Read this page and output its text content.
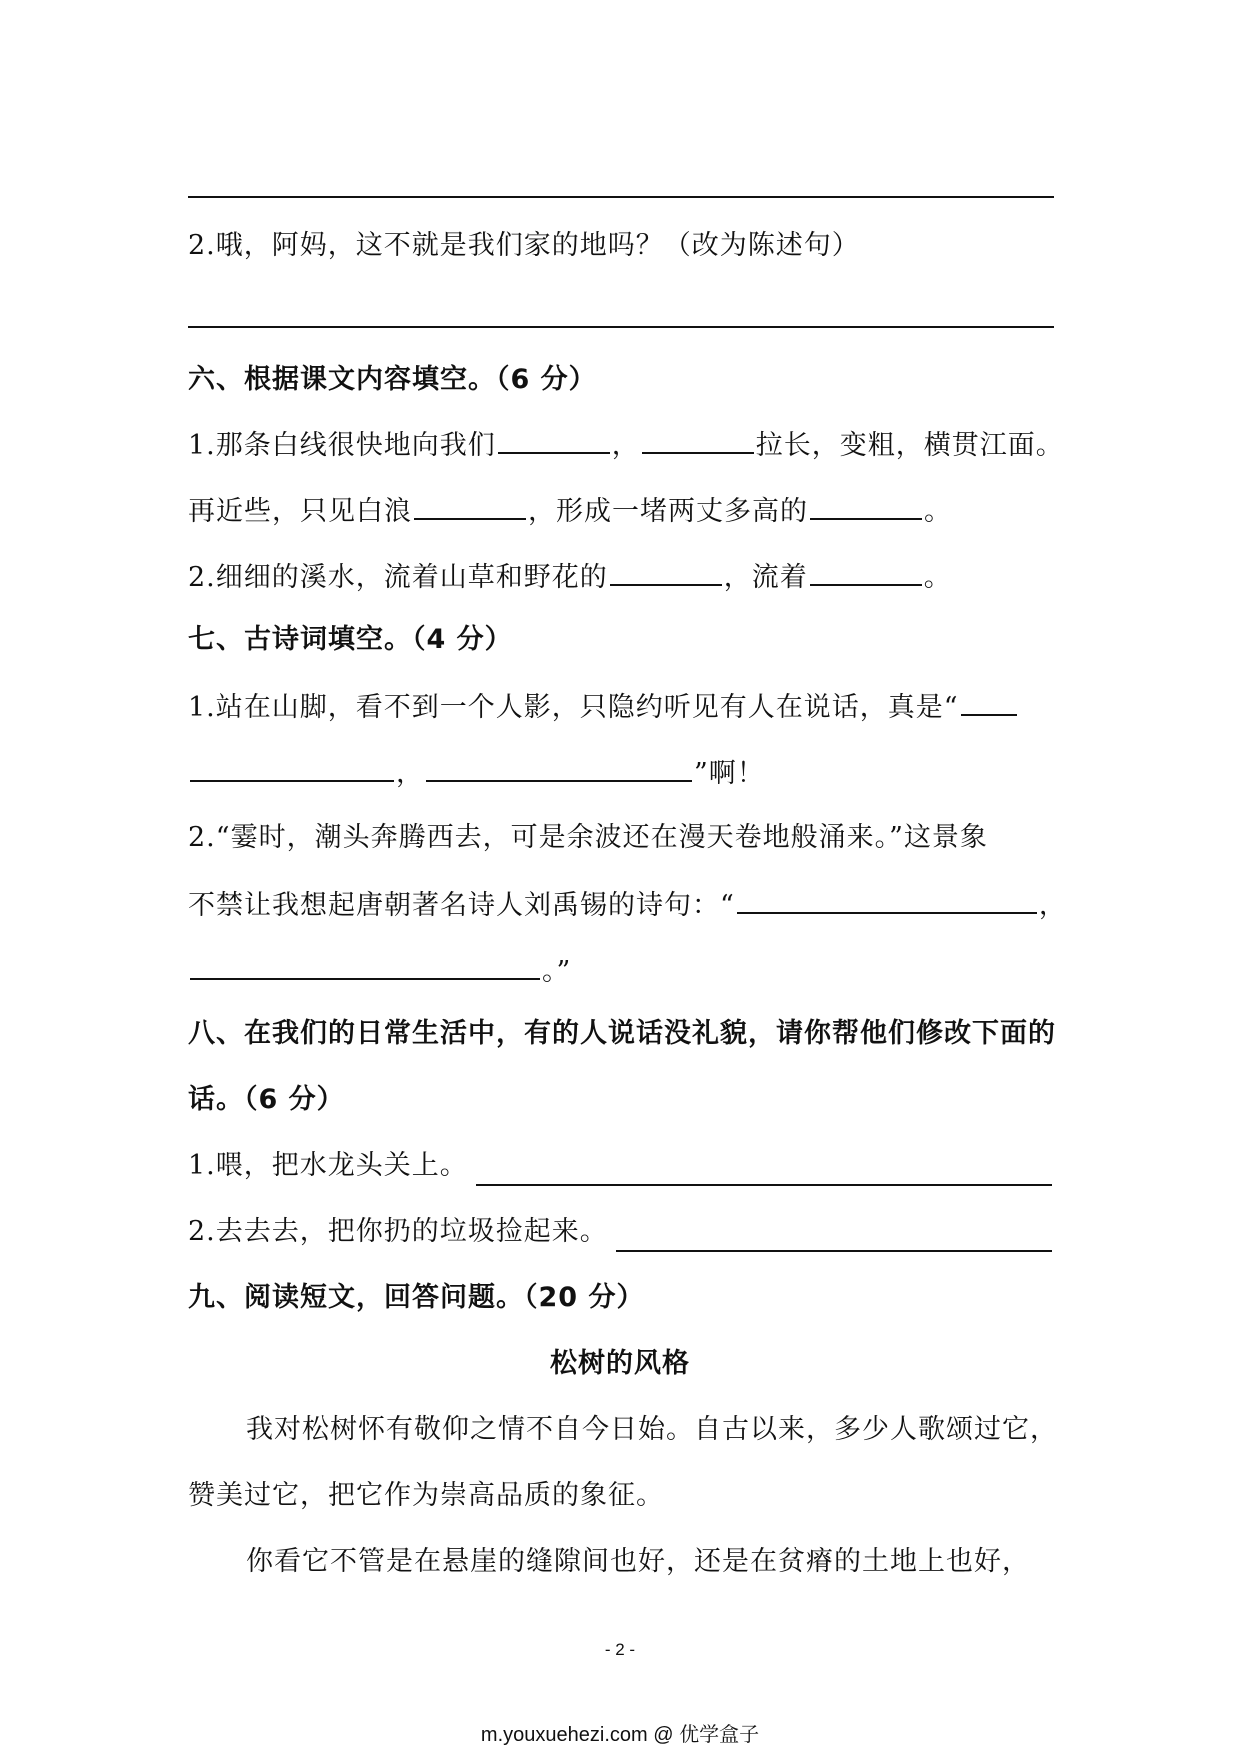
2.哦，阿妈，这不就是我们家的地吗？（改为陈述句）
六、根据课文内容填空。（6 分）
1.那条白线很快地向我们	，	拉长，变粗，横贯江面。
再近些，只见白浪	，形成一堵两丈多高的	。
2.细细的溪水，流着山草和野花的	，流着	。
七、古诗词填空。（4 分）
1.站在山脚，看不到一个人影，只隐约听见有人在说话，真是“
，	”啊！
2.“霎时，潮头奔腾西去，可是余波还在漫天卷地般涌来。”这景象
不禁让我想起唐朝著名诗人刘禹锡的诗句：“	，
。”
八、在我们的日常生活中，有的人说话没礼貌，请你帮他们修改下面的
话。（6 分）
1.喂，把水龙头关上。
2.去去去，把你扔的垃圾捡起来。
九、阅读短文，回答问题。（20 分）
松树的风格
我对松树怀有敬仰之情不自今日始。自古以来，多少人歌颂过它，
赞美过它，把它作为崇高品质的象征。
你看它不管是在悬崖的缝隙间也好，还是在贫瘠的土地上也好，
- 2 -
m.youxuehezi.com @ 优学盒子
